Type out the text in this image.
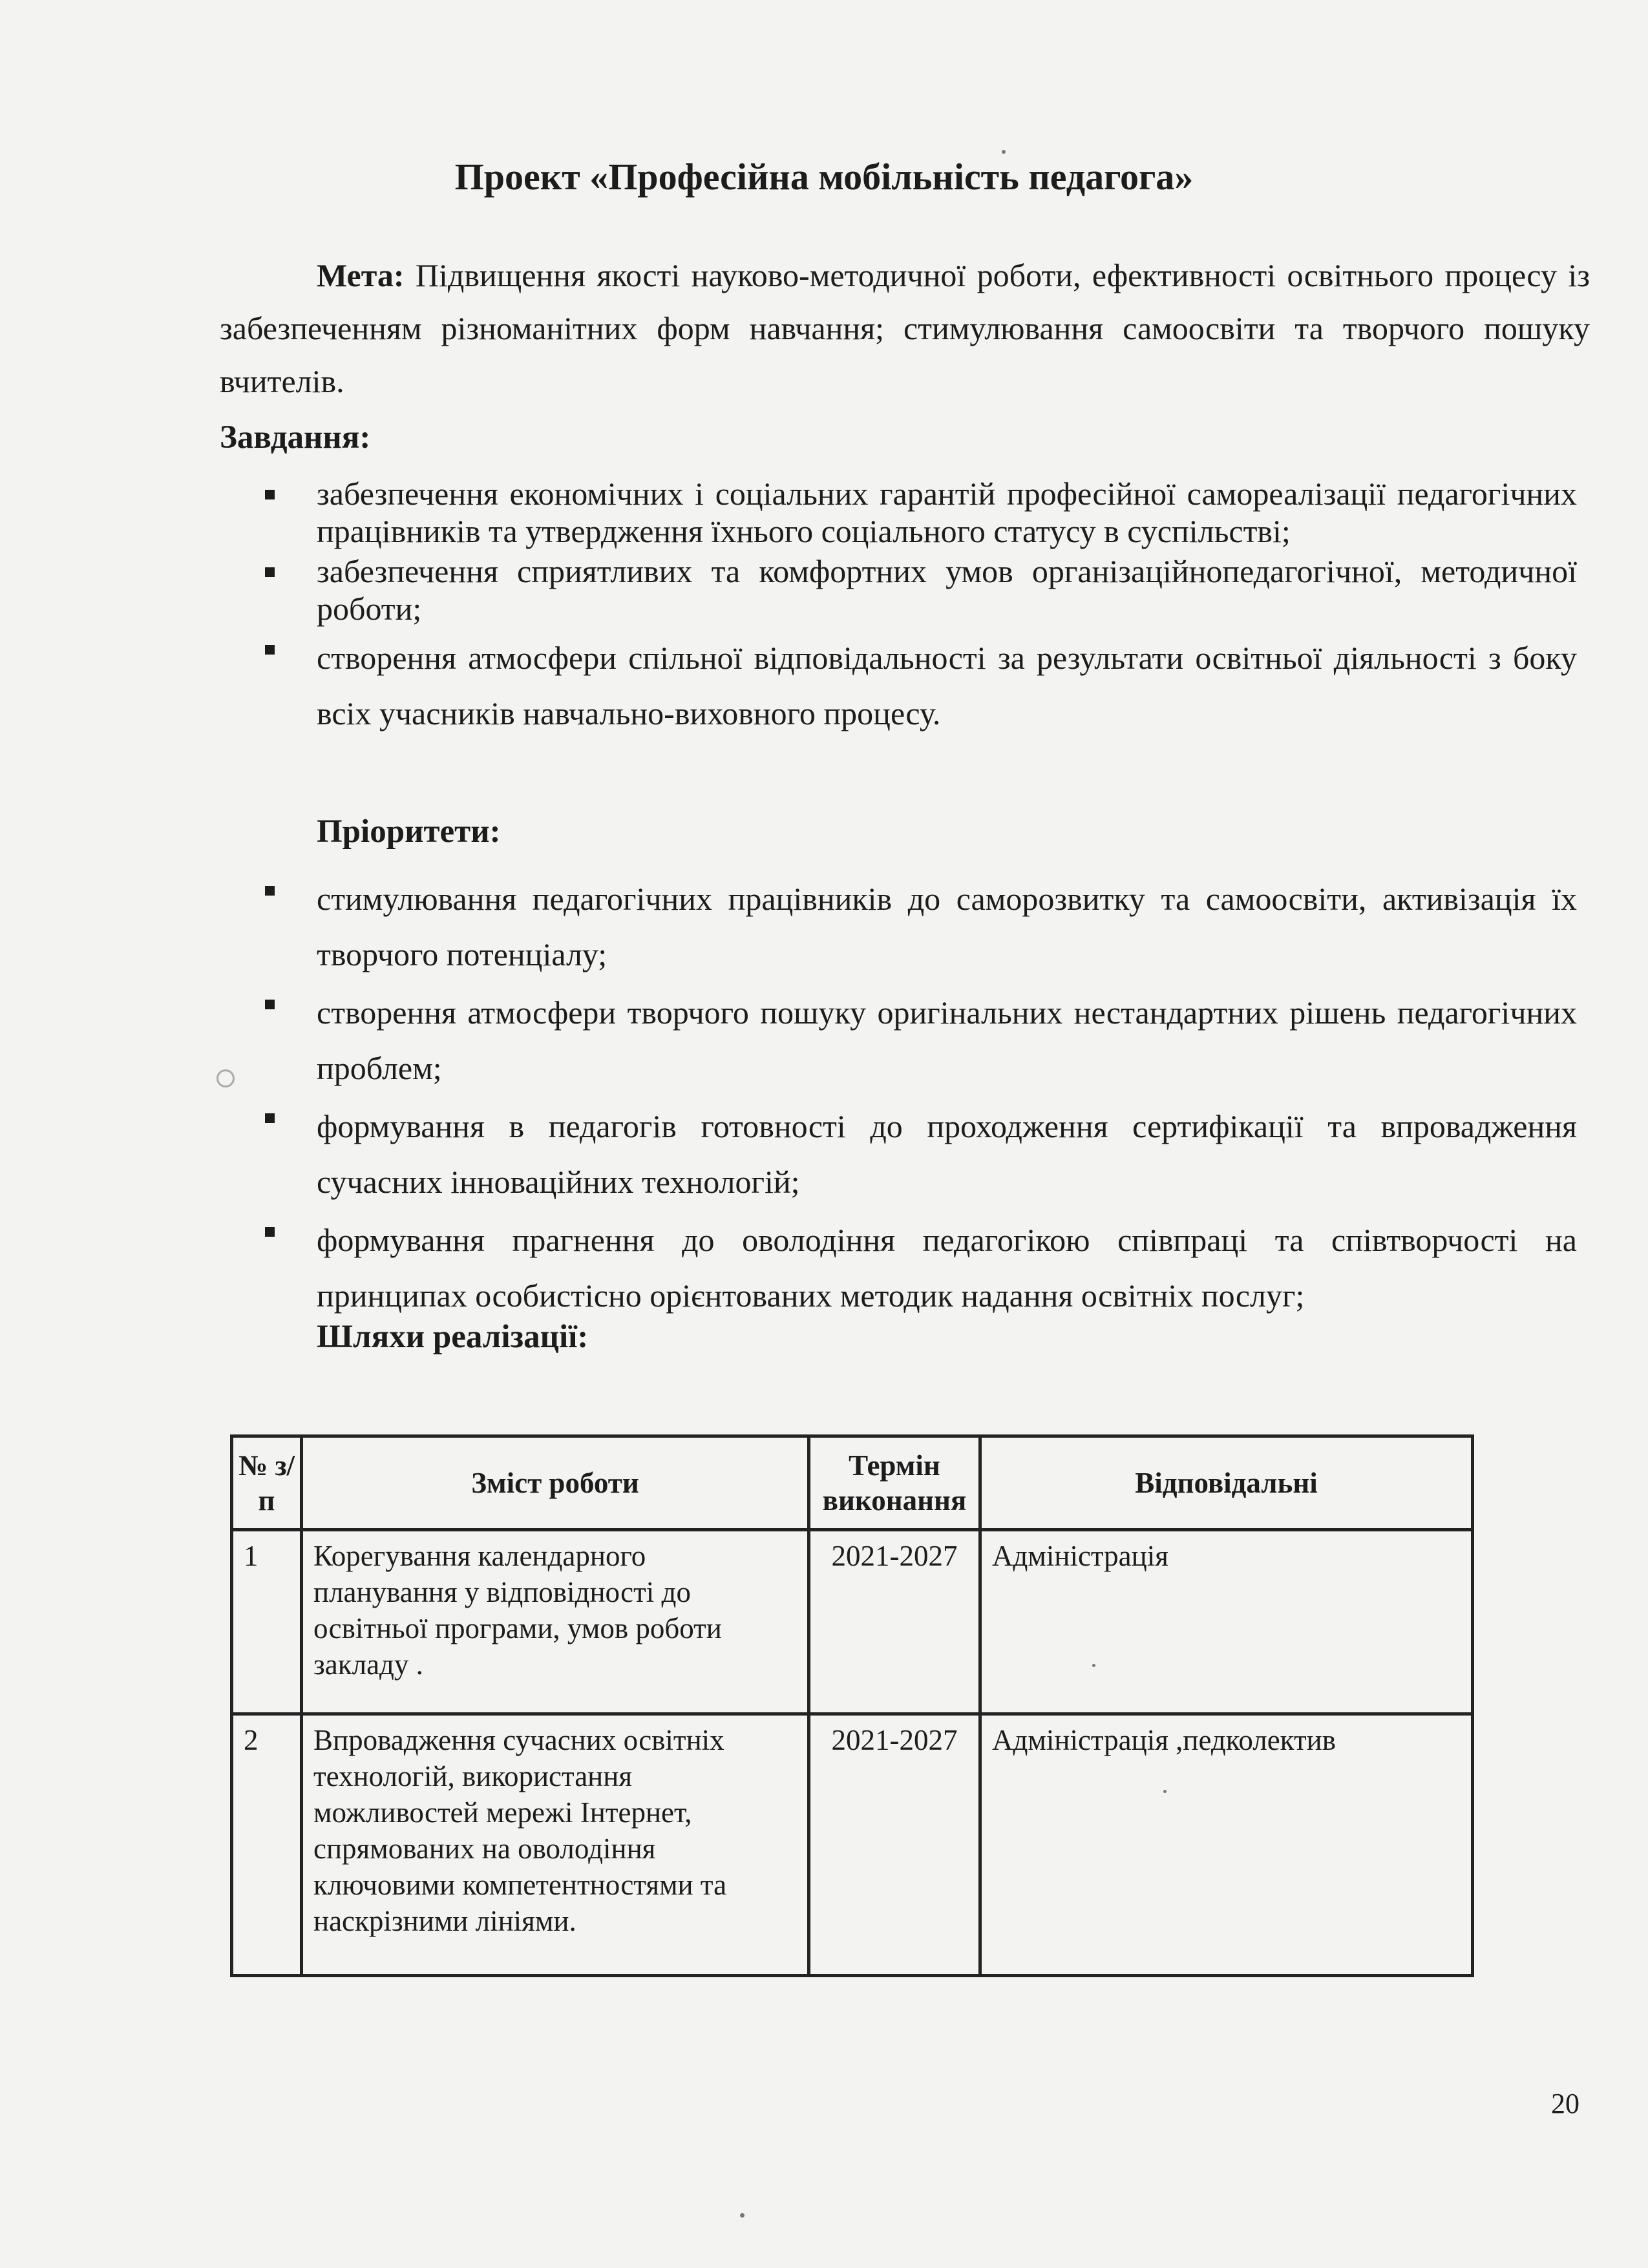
Проект «Професійна мобільність педагога»
Мета: Підвищення якості науково-методичної роботи, ефективності освітнього процесу із забезпеченням різноманітних форм навчання; стимулювання самоосвіти та творчого пошуку вчителів.
Завдання:
забезпечення економічних і соціальних гарантій професійної самореалізації педагогічних працівників та утвердження їхнього соціального статусу в суспільстві;
забезпечення сприятливих та комфортних умов організаційнопедагогічної, методичної роботи;
створення атмосфери спільної відповідальності за результати освітньої діяльності з боку всіх учасників навчально-виховного процесу.
Пріоритети:
стимулювання педагогічних працівників до саморозвитку та самоосвіти, активізація їх творчого потенціалу;
створення атмосфери творчого пошуку оригінальних нестандартних рішень педагогічних проблем;
формування в педагогів готовності до проходження сертифікації та впровадження сучасних інноваційних технологій;
формування прагнення до оволодіння педагогікою співпраці та співтворчості на принципах особистісно орієнтованих методик надання освітніх послуг;
Шляхи реалізації:
№ з/п	Зміст роботи	Термін виконання	Відповідальні
1	Корегування календарного планування у відповідності до освітньої програми, умов роботи закладу .	2021-2027	Адміністрація
2	Впровадження сучасних освітніх технологій, використання можливостей мережі Інтернет, спрямованих на оволодіння ключовими компетентностями та наскрізними лініями.	2021-2027	Адміністрація ,педколектив
20
